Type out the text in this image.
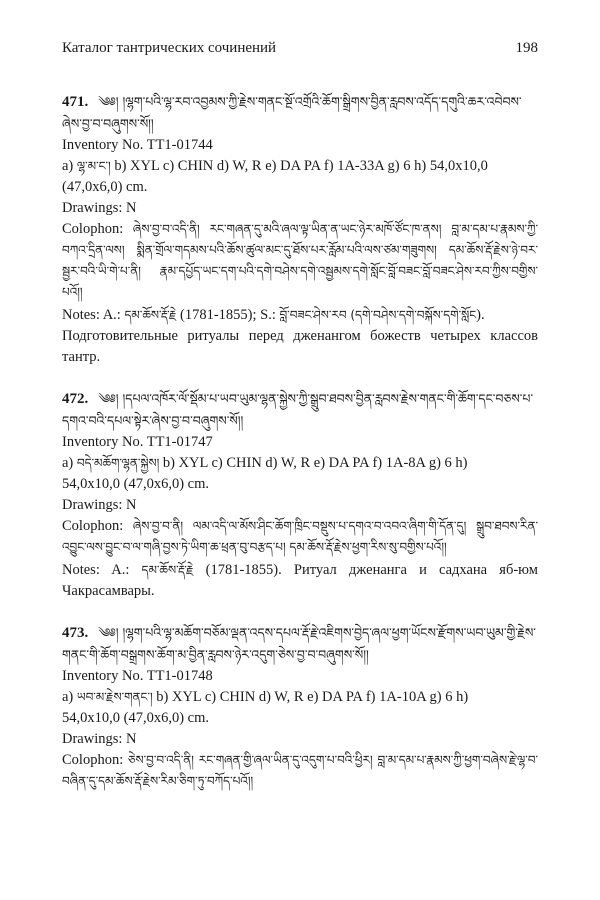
Каталог тантрических сочинений	198
471. ༄༅། །ལྷག་པའི་ལྷ་རབ་འབྱམས་ཀྱི་རྗེས་གནང་སྔོ་འགྲོའི་ཆོག་སྒྲིགས་བྱིན་རླབས་འདོད་དགུའི་ཆར་འབེབས་ཞེས་བྱ་བ་བཞུགས་སོ།།
Inventory No. TT1-01744
a) ལྷ་མ་ང་། b) XYL c) CHIN d) W, R e) DA PA f) 1A-33A g) 6 h) 54,0x10,0
(47,0x6,0) cm.
Drawings: N
Colophon: ཞེས་བྱ་བ་འདི་ནི། རང་གཞན་དུ་མའི་ཞལ་ལྟ་ཡིན་ན་ཡང་ཉེར་མཁོ་ཙོང་ཁ་ནས། བླ་མ་དམ་པ་རྣམས་ཀྱི་བཀའ་དྲིན་ལས། སྨིན་གྲོལ་གདམས་པའི་ཆོས་ཚུལ་མང་དུ་ཐོས་པར་རློམ་པའི་ལས་ཙམ་གཟུགས། དམ་ཆོས་རྡོ་རྗེས་ཉེ་བར་སྦྱར་བའི་ཡི་གེ་པ་ནི། རྣམ་དཔྱོད་ཡང་དག་པའི་དགེ་བཤེས་དགེ་འསྦྱམས་དགེ་སློང་བློ་བཟང་བློ་བཟང་ཤེས་རབ་ཀྱིས་བགྱིས་པའོ།།
Notes: A.: དམ་ཆོས་རྡོ་རྗེ (1781-1855); S.: བློ་བཟང་ཤེས་རབ (དགེ་བཤེས་དགེ་བསྐོས་དགེ་སློང).
Подготовительные ритуалы перед дженангом божеств четырех классов тантр.
472. ༄༅། །དཔལ་འཁོར་ལོ་སྡོམ་པ་ཡབ་ཡུམ་ལྷན་སྐྱེས་ཀྱི་སྒྲུབ་ཐབས་བྱིན་རླབས་རྗེས་གནང་གི་ཆོག་དང་བཅས་པ་དགའ་བའི་དཔལ་སྟེར་ཞེས་བྱ་བ་བཞུགས་སོ།།
Inventory No. TT1-01747
a) བདེ་མཆོག་ལྷན་སྐྱེས། b) XYL c) CHIN d) W, R e) DA PA f) 1A-8A g) 6 h)
54,0x10,0 (47,0x6,0) cm.
Drawings: N
Colophon: ཞེས་བྱ་བ་ནི། ལམ་འདི་ལ་མོས་ཤིང་ཆོག་ཁྲིང་བསྡུས་པ་དགའ་བ་འབའ་ཞིག་གི་དོན་དུ། སྒྲུབ་ཐབས་རིན་འབྱུང་ལས་བྱུང་བ་ལ་གཞི་བྱས་ཏེ་ཡིག་ཆ་ཕྲན་བུ་བརྩད་པ། དམ་ཆོས་རྡོ་རྗེས་ཕྱག་རིས་སུ་བགྱིས་པའོ།།
Notes: A.: དམ་ཆོས་རྡོ་རྗེ (1781-1855). Ритуал дженанга и садхана яб-юм Чакрасамвары.
473. ༄༅། །ལྷག་པའི་ལྷ་མཆོག་བཅོམ་ལྡན་འདས་དཔལ་རྡོ་རྗེ་འཇིགས་བྱེད་ཞལ་ཕྱག་ཡོངས་རྫོགས་ཡབ་ཡུམ་གྱི་རྗེས་གནང་གི་ཆོག་བསྒྲགས་ཆོག་མ་བྱིན་རླབས་ཉེར་འདུག་ཅེས་བྱ་བ་བཞུགས་སོ།།
Inventory No. TT1-01748
a) ཡབ་མ་རྗེས་གནང་། b) XYL c) CHIN d) W, R e) DA PA f) 1A-10A g) 6 h)
54,0x10,0 (47,0x6,0) cm.
Drawings: N
Colophon: ཅེས་བྱ་བ་འདི་ནི། རང་གཞན་གྱི་ཞལ་ཡིན་དུ་འདུག་པ་བའི་ཕྱིར། བླ་མ་དམ་པ་རྣམས་ཀྱི་ཕྱག་བཞེས་རྗེ་ལྷ་བ་བཞིན་དུ་དམ་ཆོས་རྡོ་རྗེས་རིམ་ཅིག་ཏུ་བཀོད་པའོ།།
